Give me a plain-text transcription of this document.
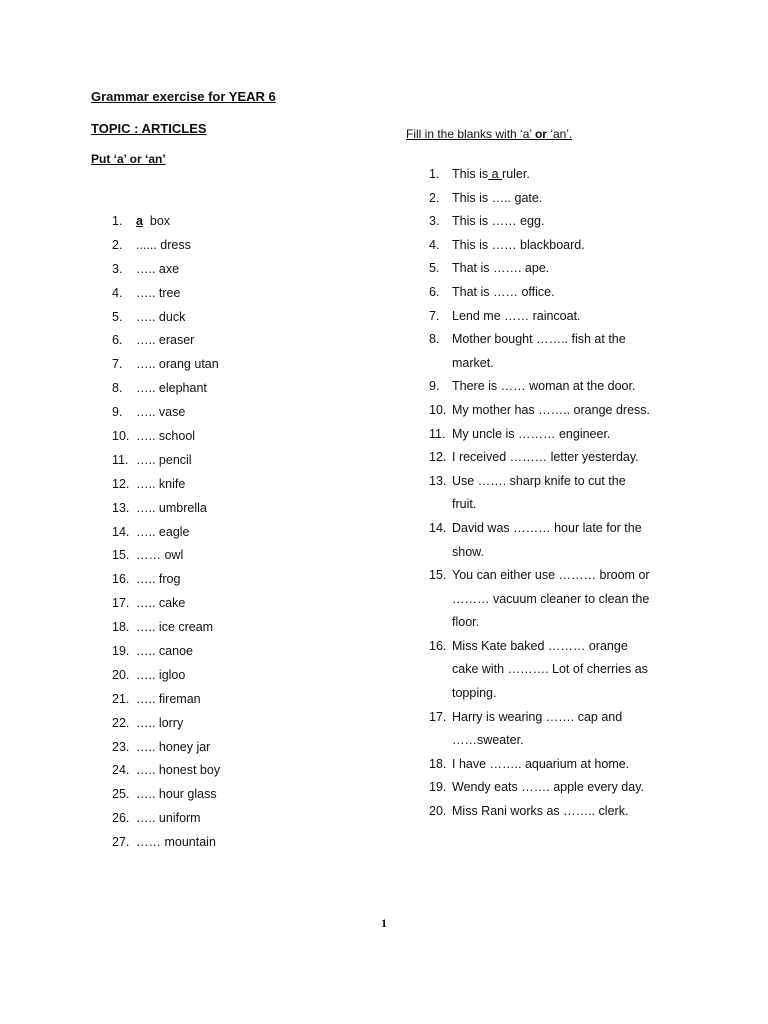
Grammar exercise for YEAR 6
TOPIC : ARTICLES
Put ‘a’ or ‘an’
Fill in the blanks with ‘a’ or ‘an’.
1. a  box
2. ...... dress
3. ….. axe
4. ….. tree
5. ….. duck
6. ….. eraser
7. ….. orang utan
8. ….. elephant
9. ….. vase
10. ….. school
11. ….. pencil
12. ….. knife
13. ….. umbrella
14. ….. eagle
15. …… owl
16. ….. frog
17. ….. cake
18. ….. ice cream
19. ….. canoe
20. ….. igloo
21. ….. fireman
22. ….. lorry
23. ….. honey jar
24. ….. honest boy
25. ….. hour glass
26. ….. uniform
27. …… mountain
1. This is a ruler.
2. This is ….. gate.
3. This is …… egg.
4. This is …… blackboard.
5. That is ……. ape.
6. That is …… office.
7. Lend me …… raincoat.
8. Mother bought …….. fish at the
market.
9. There is …… woman at the door.
10. My mother has …….. orange dress.
11. My uncle is ……… engineer.
12. I received ……… letter yesterday.
13. Use ……. sharp knife to cut the
fruit.
14. David was ……… hour late for the
show.
15. You can either use ……… broom or
……… vacuum cleaner to clean the
floor.
16. Miss Kate baked ……… orange
cake with ………. Lot of cherries as
topping.
17. Harry is wearing ……. cap and
……sweater.
18. I have …….. aquarium at home.
19. Wendy eats ……. apple every day.
20. Miss Rani works as …….. clerk.
1
